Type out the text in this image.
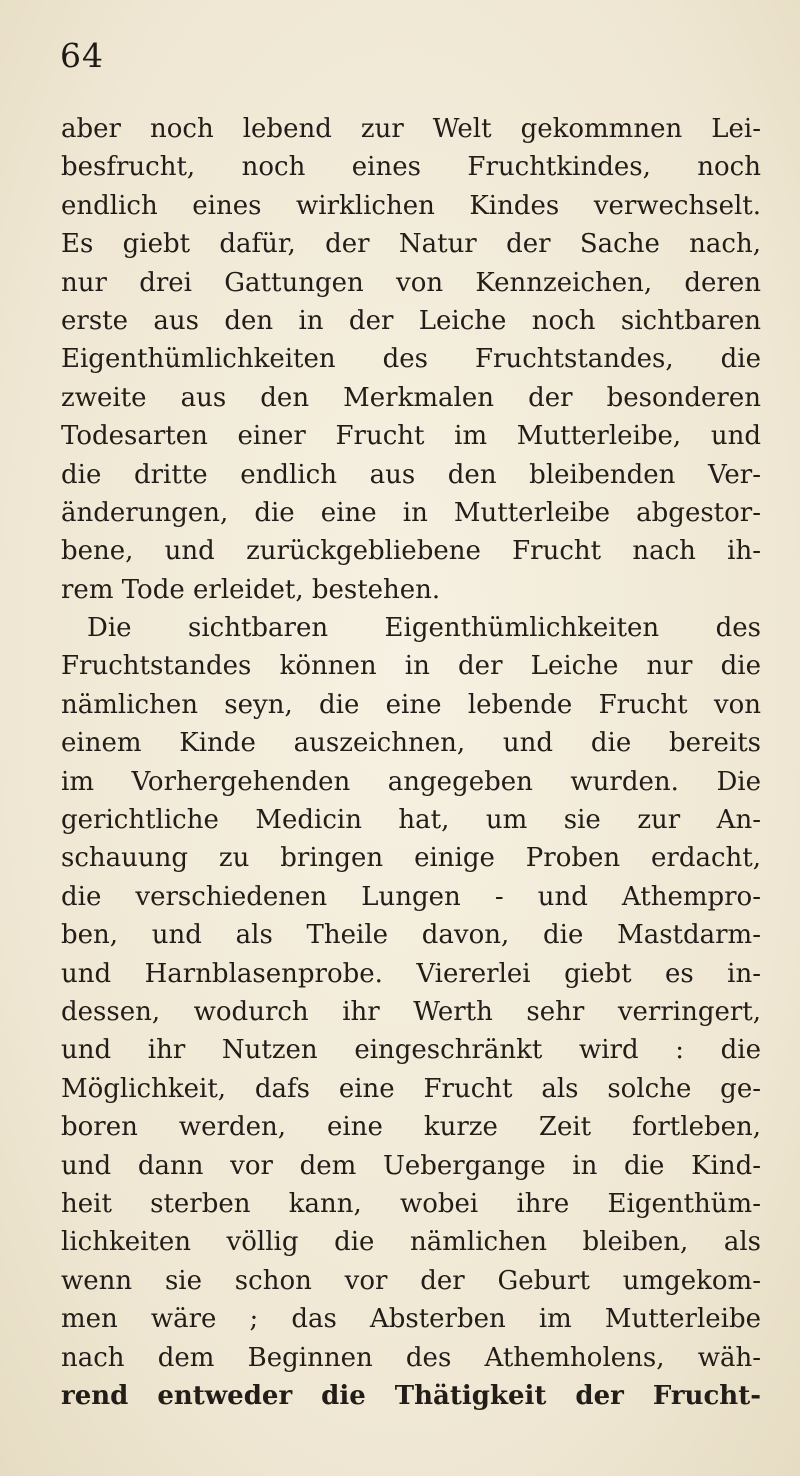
64
aber noch lebend zur Welt gekommnen Lei-
besfrucht, noch eines Fruchtkindes, noch
endlich eines wirklichen Kindes verwechselt.
Es giebt dafür, der Natur der Sache nach,
nur drei Gattungen von Kennzeichen, deren
erste aus den in der Leiche noch sichtbaren
Eigenthümlichkeiten des Fruchtstandes, die
zweite aus den Merkmalen der besonderen
Todesarten einer Frucht im Mutterleibe, und
die dritte endlich aus den bleibenden Ver-
änderungen, die eine in Mutterleibe abgestor-
bene, und zurückgebliebene Frucht nach ih-
rem Tode erleidet, bestehen.
Die sichtbaren Eigenthümlichkeiten des
Fruchtstandes können in der Leiche nur die
nämlichen seyn, die eine lebende Frucht von
einem Kinde auszeichnen, und die bereits
im Vorhergehenden angegeben wurden. Die
gerichtliche Medicin hat, um sie zur An-
schauung zu bringen einige Proben erdacht,
die verschiedenen Lungen - und Athempro-
ben, und als Theile davon, die Mastdarm-
und Harnblasenprobe. Viererlei giebt es in-
dessen, wodurch ihr Werth sehr verringert,
und ihr Nutzen eingeschränkt wird : die
Möglichkeit, dafs eine Frucht als solche ge-
boren werden, eine kurze Zeit fortleben,
und dann vor dem Uebergange in die Kind-
heit sterben kann, wobei ihre Eigenthüm-
lichkeiten völlig die nämlichen bleiben, als
wenn sie schon vor der Geburt umgekom-
men wäre ; das Absterben im Mutterleibe
nach dem Beginnen des Athemholens, wäh-
rend entweder die Thätigkeit der Frucht-
